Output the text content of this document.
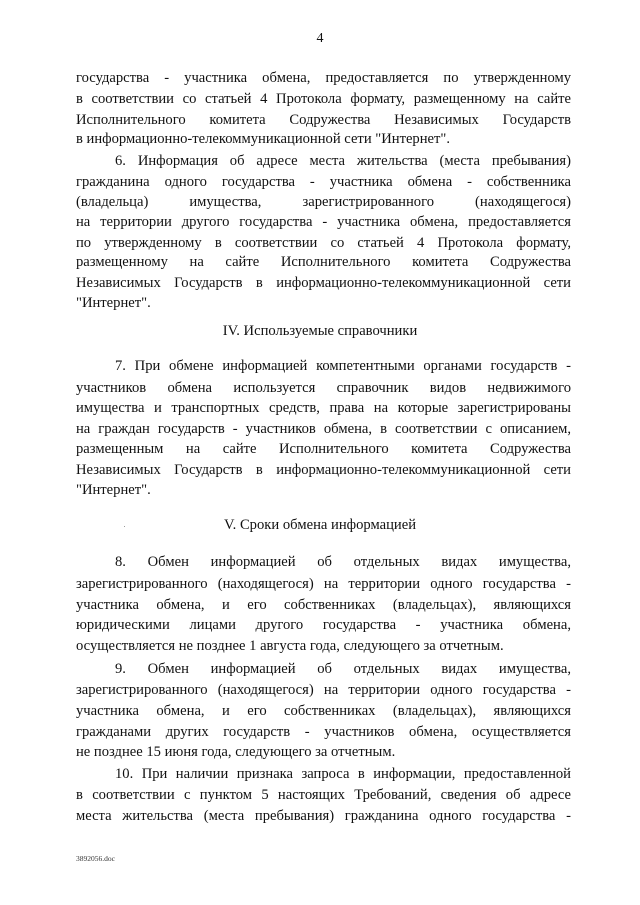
4
государства - участника обмена, предоставляется по утвержденному
в соответствии со статьей 4 Протокола формату, размещенному на сайте
Исполнительного комитета Содружества Независимых Государств
в информационно-телекоммуникационной сети "Интернет".
6. Информация об адресе места жительства (места пребывания)
гражданина одного государства - участника обмена - собственника
(владельца) имущества, зарегистрированного (находящегося)
на территории другого государства - участника обмена, предоставляется
по утвержденному в соответствии со статьей 4 Протокола формату,
размещенному на сайте Исполнительного комитета Содружества
Независимых Государств в информационно-телекоммуникационной сети
"Интернет".
7. При обмене информацией компетентными органами государств -
участников обмена используется справочник видов недвижимого
имущества и транспортных средств, права на которые зарегистрированы
на граждан государств - участников обмена, в соответствии с описанием,
размещенным на сайте Исполнительного комитета Содружества
Независимых Государств в информационно-телекоммуникационной сети
"Интернет".
8. Обмен информацией об отдельных видах имущества,
зарегистрированного (находящегося) на территории одного государства -
участника обмена, и его собственниках (владельцах), являющихся
юридическими лицами другого государства - участника обмена,
осуществляется не позднее 1 августа года, следующего за отчетным.
9. Обмен информацией об отдельных видах имущества,
зарегистрированного (находящегося) на территории одного государства -
участника обмена, и его собственниках (владельцах), являющихся
гражданами других государств - участников обмена, осуществляется
не позднее 15 июня года, следующего за отчетным.
10. При наличии признака запроса в информации, предоставленной
в соответствии с пунктом 5 настоящих Требований, сведения об адресе
места жительства (места пребывания) гражданина одного государства -
IV. Используемые справочники
V. Сроки обмена информацией
3892056.doc
